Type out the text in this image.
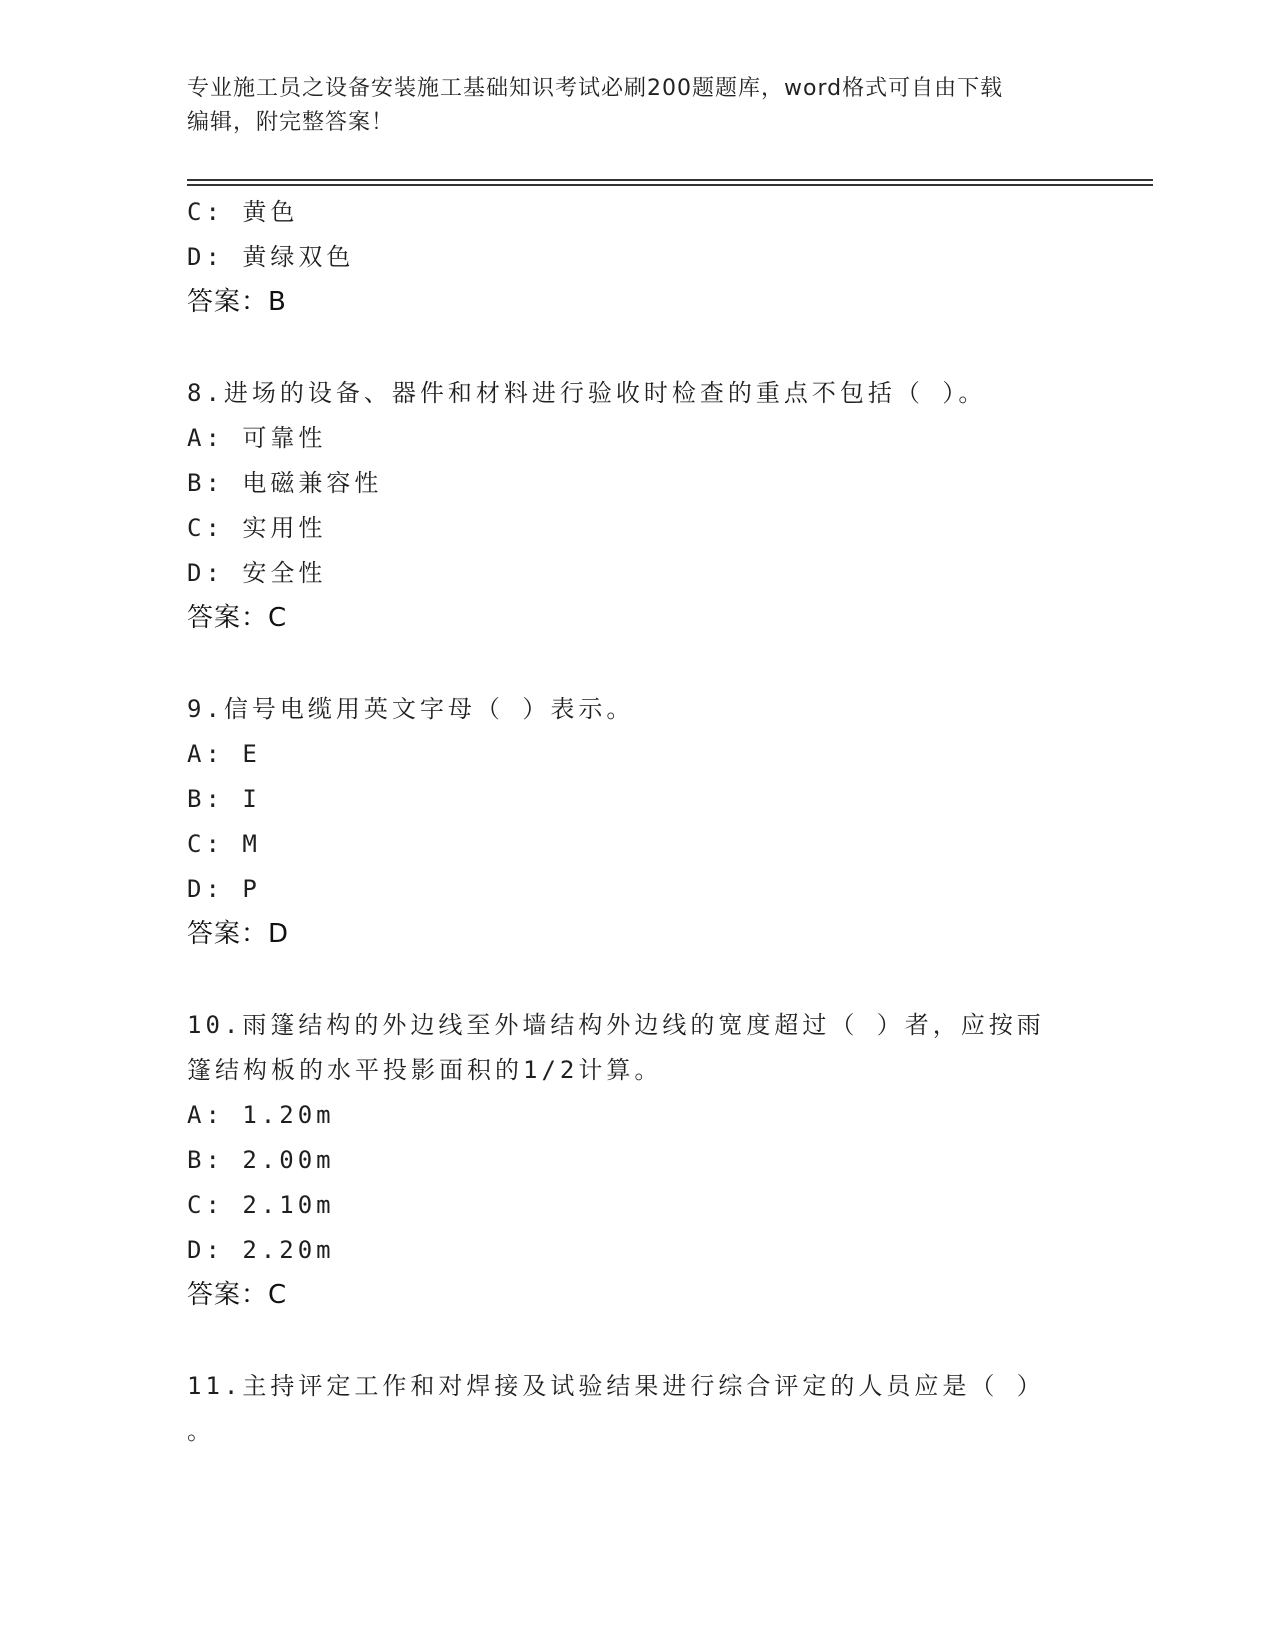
专业施工员之设备安装施工基础知识考试必刷200题题库，word格式可自由下载
编辑，附完整答案！
C: 黄色
D: 黄绿双色
答案：B
8.进场的设备、器件和材料进行验收时检查的重点不包括（ ）。
A: 可靠性
B: 电磁兼容性
C: 实用性
D: 安全性
答案：C
9.信号电缆用英文字母（ ）表示。
A: E
B: I
C: M
D: P
答案：D
10.雨篷结构的外边线至外墙结构外边线的宽度超过（ ）者，应按雨
篷结构板的水平投影面积的1/2计算。
A: 1.20m
B: 2.00m
C: 2.10m
D: 2.20m
答案：C
11.主持评定工作和对焊接及试验结果进行综合评定的人员应是（ ）
。
